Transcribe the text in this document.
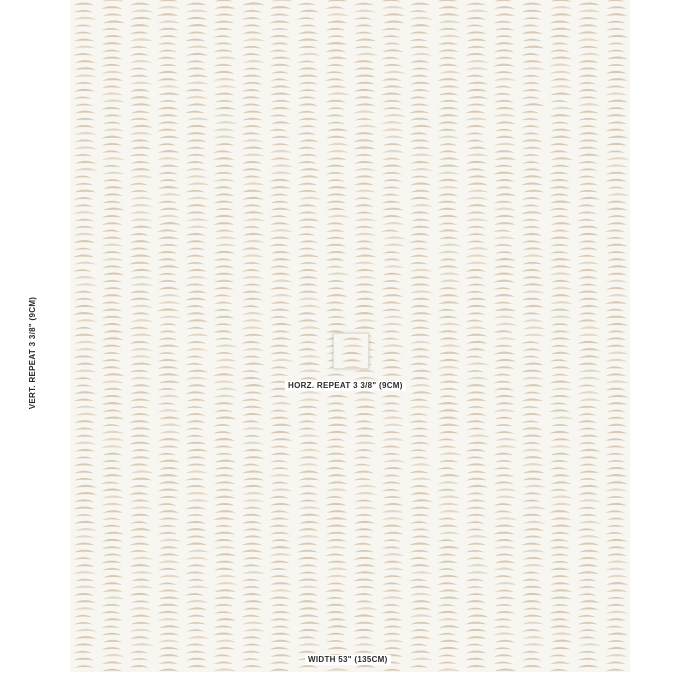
HORZ. REPEAT 3 3/8" (9CM)
WIDTH 53" (135CM)
VERT. REPEAT 3 3/8" (9CM)
